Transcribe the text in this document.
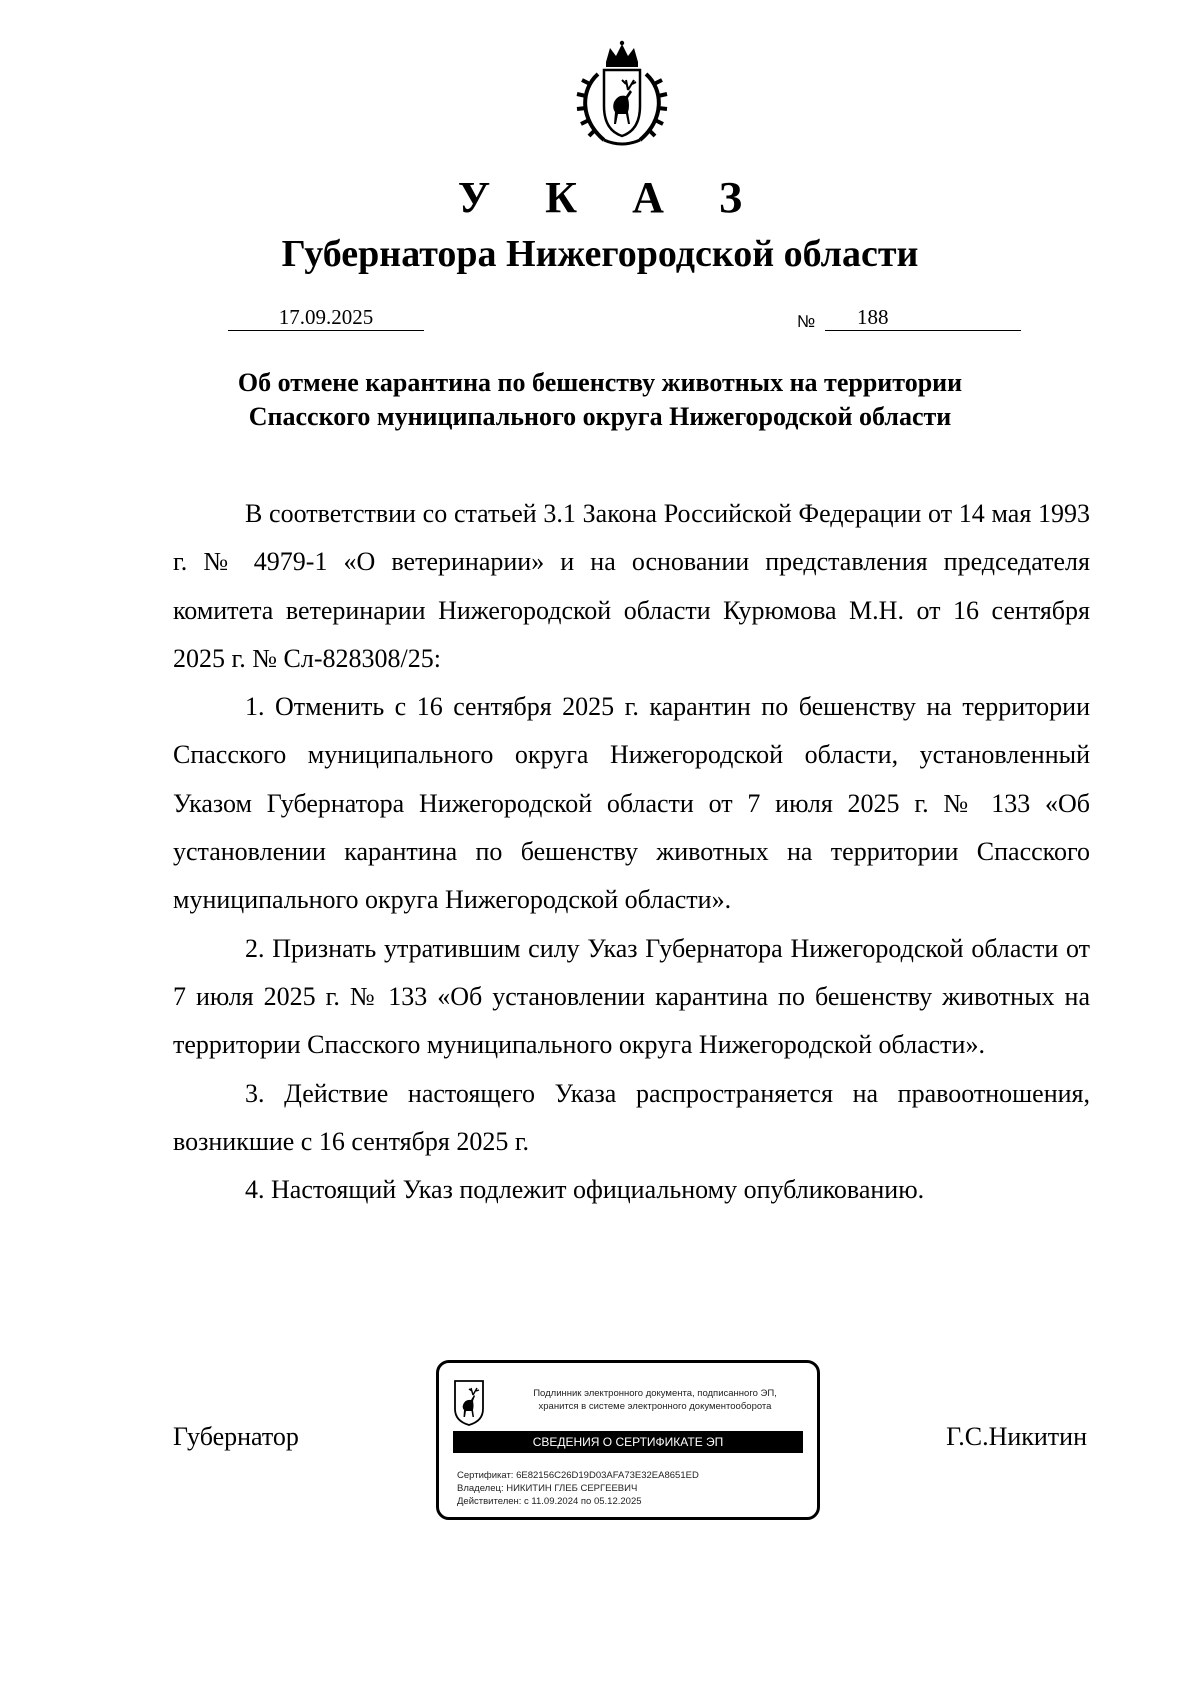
У К А З
Губернатора Нижегородской области
17.09.2025	№	188
Об отмене карантина по бешенству животных на территории
Спасского муниципального округа Нижегородской области

В соответствии со статьей 3.1 Закона Российской Федерации от 14 мая 1993 г. № 4979-1 «О ветеринарии» и на основании представления председателя комитета ветеринарии Нижегородской области Курюмова М.Н. от 16 сентября 2025 г. № Сл-828308/25:

1. Отменить с 16 сентября 2025 г. карантин по бешенству на территории Спасского муниципального округа Нижегородской области, установленный Указом Губернатора Нижегородской области от 7 июля 2025 г. № 133 «Об установлении карантина по бешенству животных на территории Спасского муниципального округа Нижегородской области».

2. Признать утратившим силу Указ Губернатора Нижегородской области от 7 июля 2025 г. № 133 «Об установлении карантина по бешенству животных на территории Спасского муниципального округа Нижегородской области».

3. Действие настоящего Указа распространяется на правоотношения, возникшие с 16 сентября 2025 г.

4. Настоящий Указ подлежит официальному опубликованию.

Губернатор	Г.С.Никитин
Подлинник электронного документа, подписанного ЭП,
хранится в системе электронного документооборота
СВЕДЕНИЯ О СЕРТИФИКАТЕ ЭП
Сертификат: 6E82156C26D19D03AFA73E32EA8651ED
Владелец: НИКИТИН ГЛЕБ СЕРГЕЕВИЧ
Действителен: с 11.09.2024 по 05.12.2025
